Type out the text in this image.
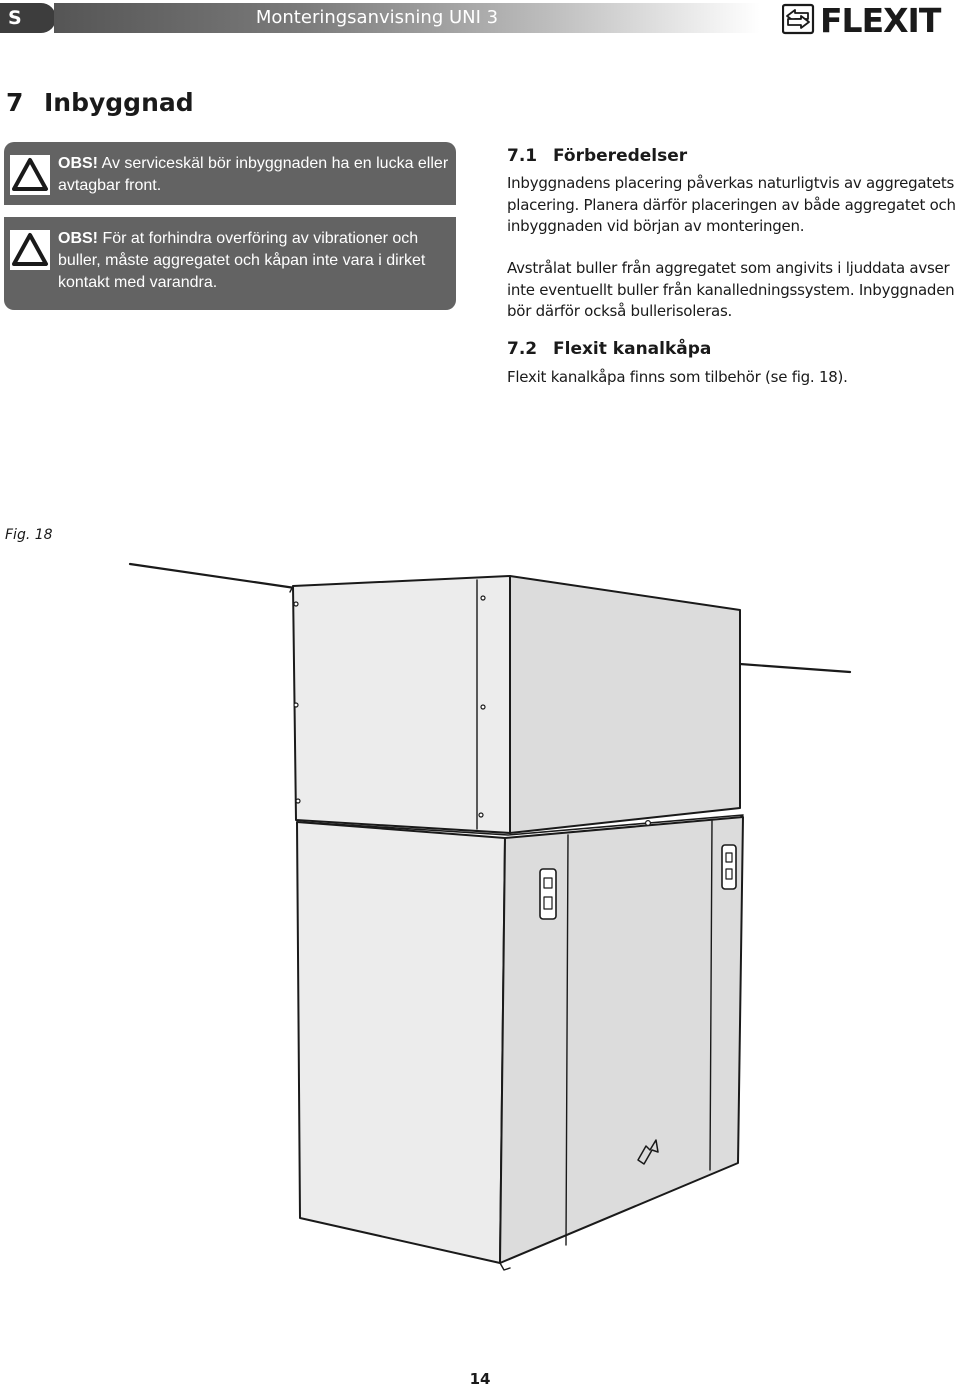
S	Monteringsanvisning UNI 3	FLEXIT
7 Inbyggnad
OBS! Av serviceskäl bör inbyggnaden ha en lucka eller avtagbar front.
OBS! För at forhindra overföring av vibrationer och buller, måste aggregatet och kåpan inte vara i dirket kontakt med varandra.
7.1 Förberedelser
Inbyggnadens placering påverkas naturligtvis av aggregatets placering. Planera därför placeringen av både aggregatet och inbyggnaden vid början av monteringen.
Avstrålat buller från aggregatet som angivits i ljuddata avser inte eventuellt buller från kanalledningssystem. Inbyggnaden bör därför också bullerisoleras.
7.2 Flexit kanalkåpa
Flexit kanalkåpa finns som tilbehör (se fig. 18).
Fig. 18
14
